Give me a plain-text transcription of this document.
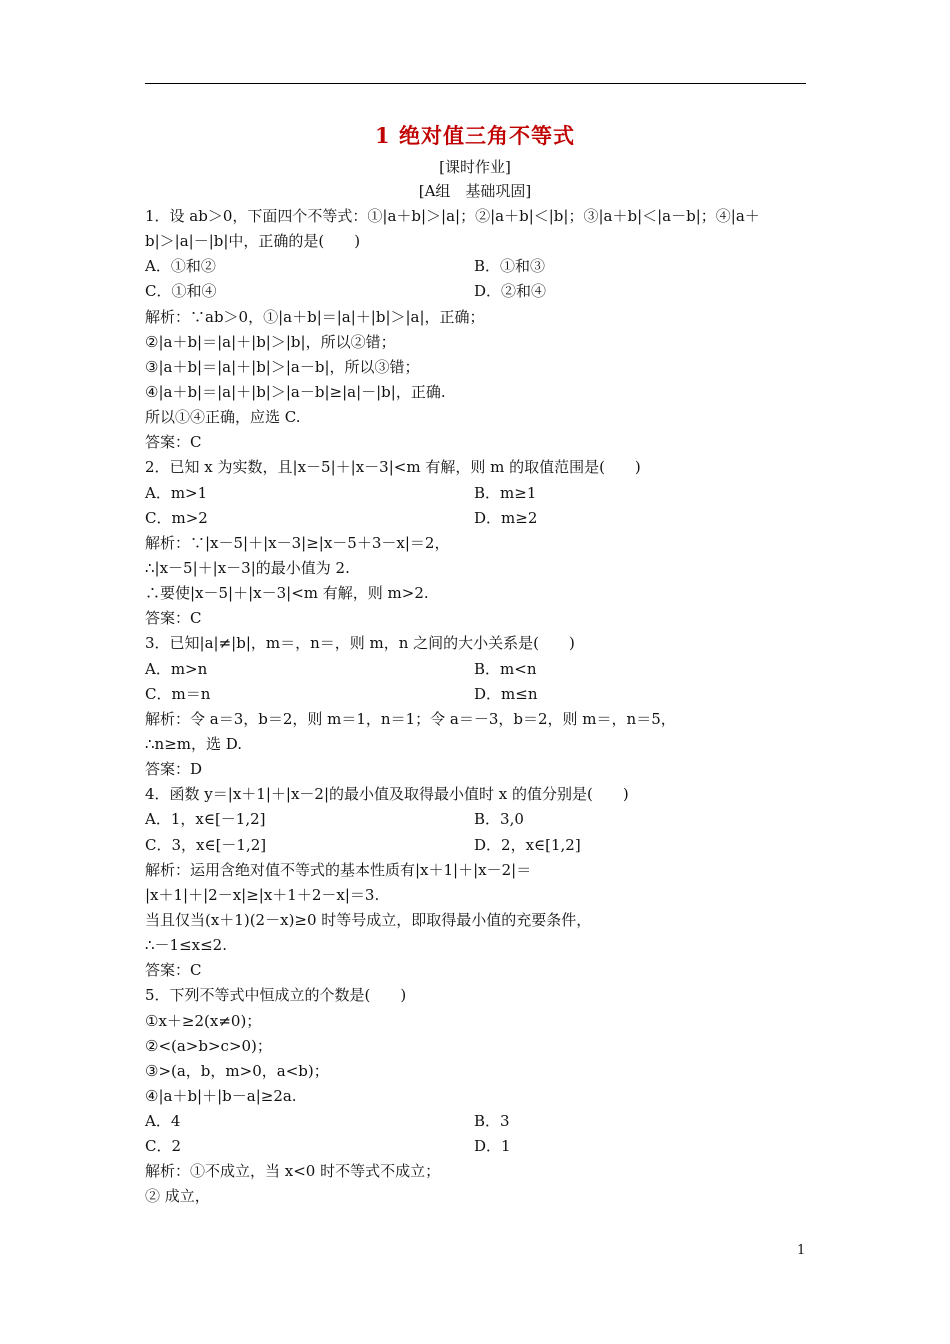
1 绝对值三角不等式
[课时作业]
[A组　基础巩固]
1．设 ab＞0，下面四个不等式：①|a＋b|＞|a|；②|a＋b|＜|b|；③|a＋b|＜|a－b|；④|a＋
b|＞|a|－|b|中，正确的是(　　)
A．①和②	B．①和③
C．①和④	D．②和④
解析：∵ab＞0，①|a＋b|＝|a|＋|b|＞|a|，正确；
②|a＋b|＝|a|＋|b|＞|b|，所以②错；
③|a＋b|＝|a|＋|b|＞|a－b|，所以③错；
④|a＋b|＝|a|＋|b|＞|a－b|≥|a|－|b|，正确.
所以①④正确，应选 C.
答案：C
2．已知 x 为实数，且|x－5|＋|x－3|<m 有解，则 m 的取值范围是(　　)
A．m>1	B．m≥1
C．m>2	D．m≥2
解析：∵|x－5|＋|x－3|≥|x－5＋3－x|＝2，
∴|x－5|＋|x－3|的最小值为 2.
∴要使|x－5|＋|x－3|<m 有解，则 m>2.
答案：C
3．已知|a|≠|b|，m＝，n＝，则 m，n 之间的大小关系是(　　)
A．m>n	B．m<n
C．m＝n	D．m≤n
解析：令 a＝3，b＝2，则 m＝1，n＝1；令 a＝－3，b＝2，则 m＝，n＝5，
∴n≥m，选 D.
答案：D
4．函数 y＝|x＋1|＋|x－2|的最小值及取得最小值时 x 的值分别是(　　)
A．1，x∈[－1,2]	B．3,0
C．3，x∈[－1,2]	D．2，x∈[1,2]
解析：运用含绝对值不等式的基本性质有|x＋1|＋|x－2|＝
|x＋1|＋|2－x|≥|x＋1＋2－x|＝3.
当且仅当(x＋1)(2－x)≥0 时等号成立，即取得最小值的充要条件，
∴－1≤x≤2.
答案：C
5．下列不等式中恒成立的个数是(　　)
①x＋≥2(x≠0)；
②<(a>b>c>0)；
③>(a，b，m>0，a<b)；
④|a＋b|＋|b－a|≥2a.
A．4	B．3
C．2	D．1
解析：①不成立，当 x<0 时不等式不成立；
② 成立，
1
